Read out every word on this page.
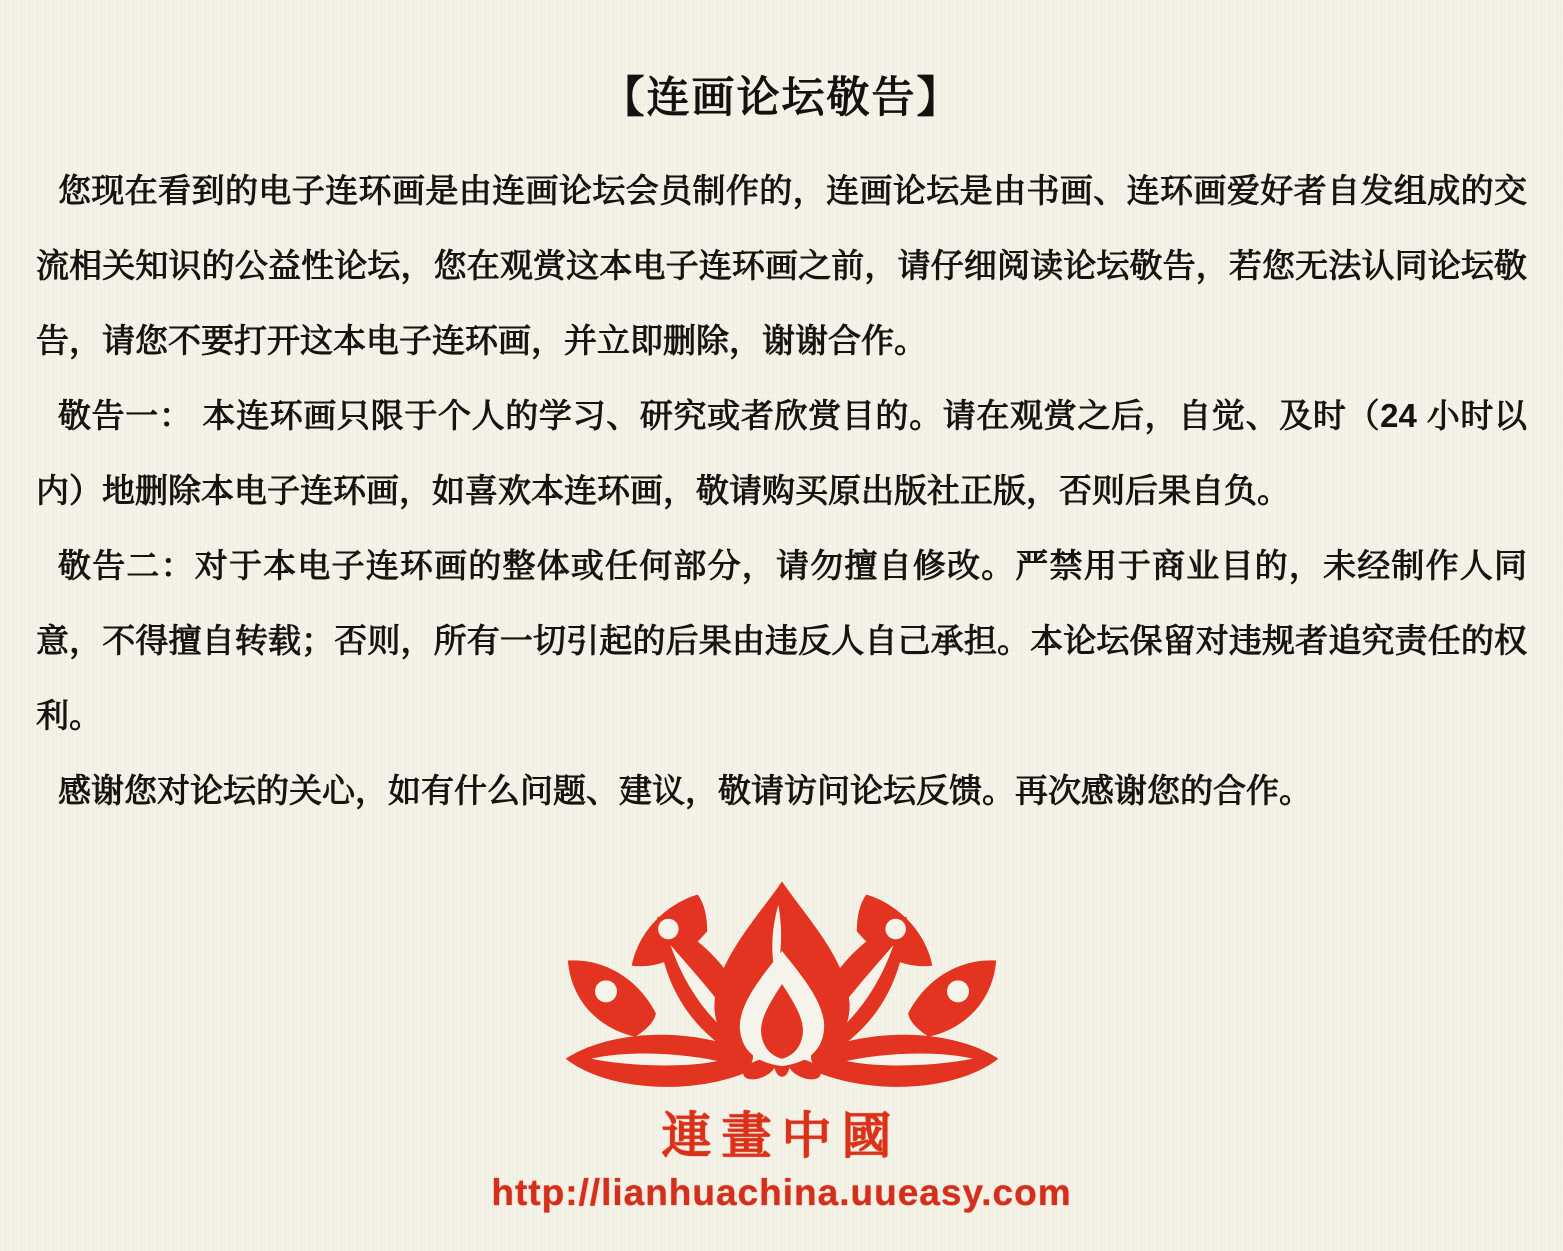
【连画论坛敬告】

您现在看到的电子连环画是由连画论坛会员制作的，连画论坛是由书画、连环画爱好者自发组成的交流相关知识的公益性论坛，您在观赏这本电子连环画之前，请仔细阅读论坛敬告，若您无法认同论坛敬告，请您不要打开这本电子连环画，并立即删除，谢谢合作。

敬告一： 本连环画只限于个人的学习、研究或者欣赏目的。请在观赏之后，自觉、及时（24 小时以内）地删除本电子连环画，如喜欢本连环画，敬请购买原出版社正版，否则后果自负。

敬告二：对于本电子连环画的整体或任何部分，请勿擅自修改。严禁用于商业目的，未经制作人同意，不得擅自转载；否则，所有一切引起的后果由违反人自己承担。本论坛保留对违规者追究责任的权利。

感谢您对论坛的关心，如有什么问题、建议，敬请访问论坛反馈。再次感谢您的合作。

連畫中國
http://lianhuachina.uueasy.com
